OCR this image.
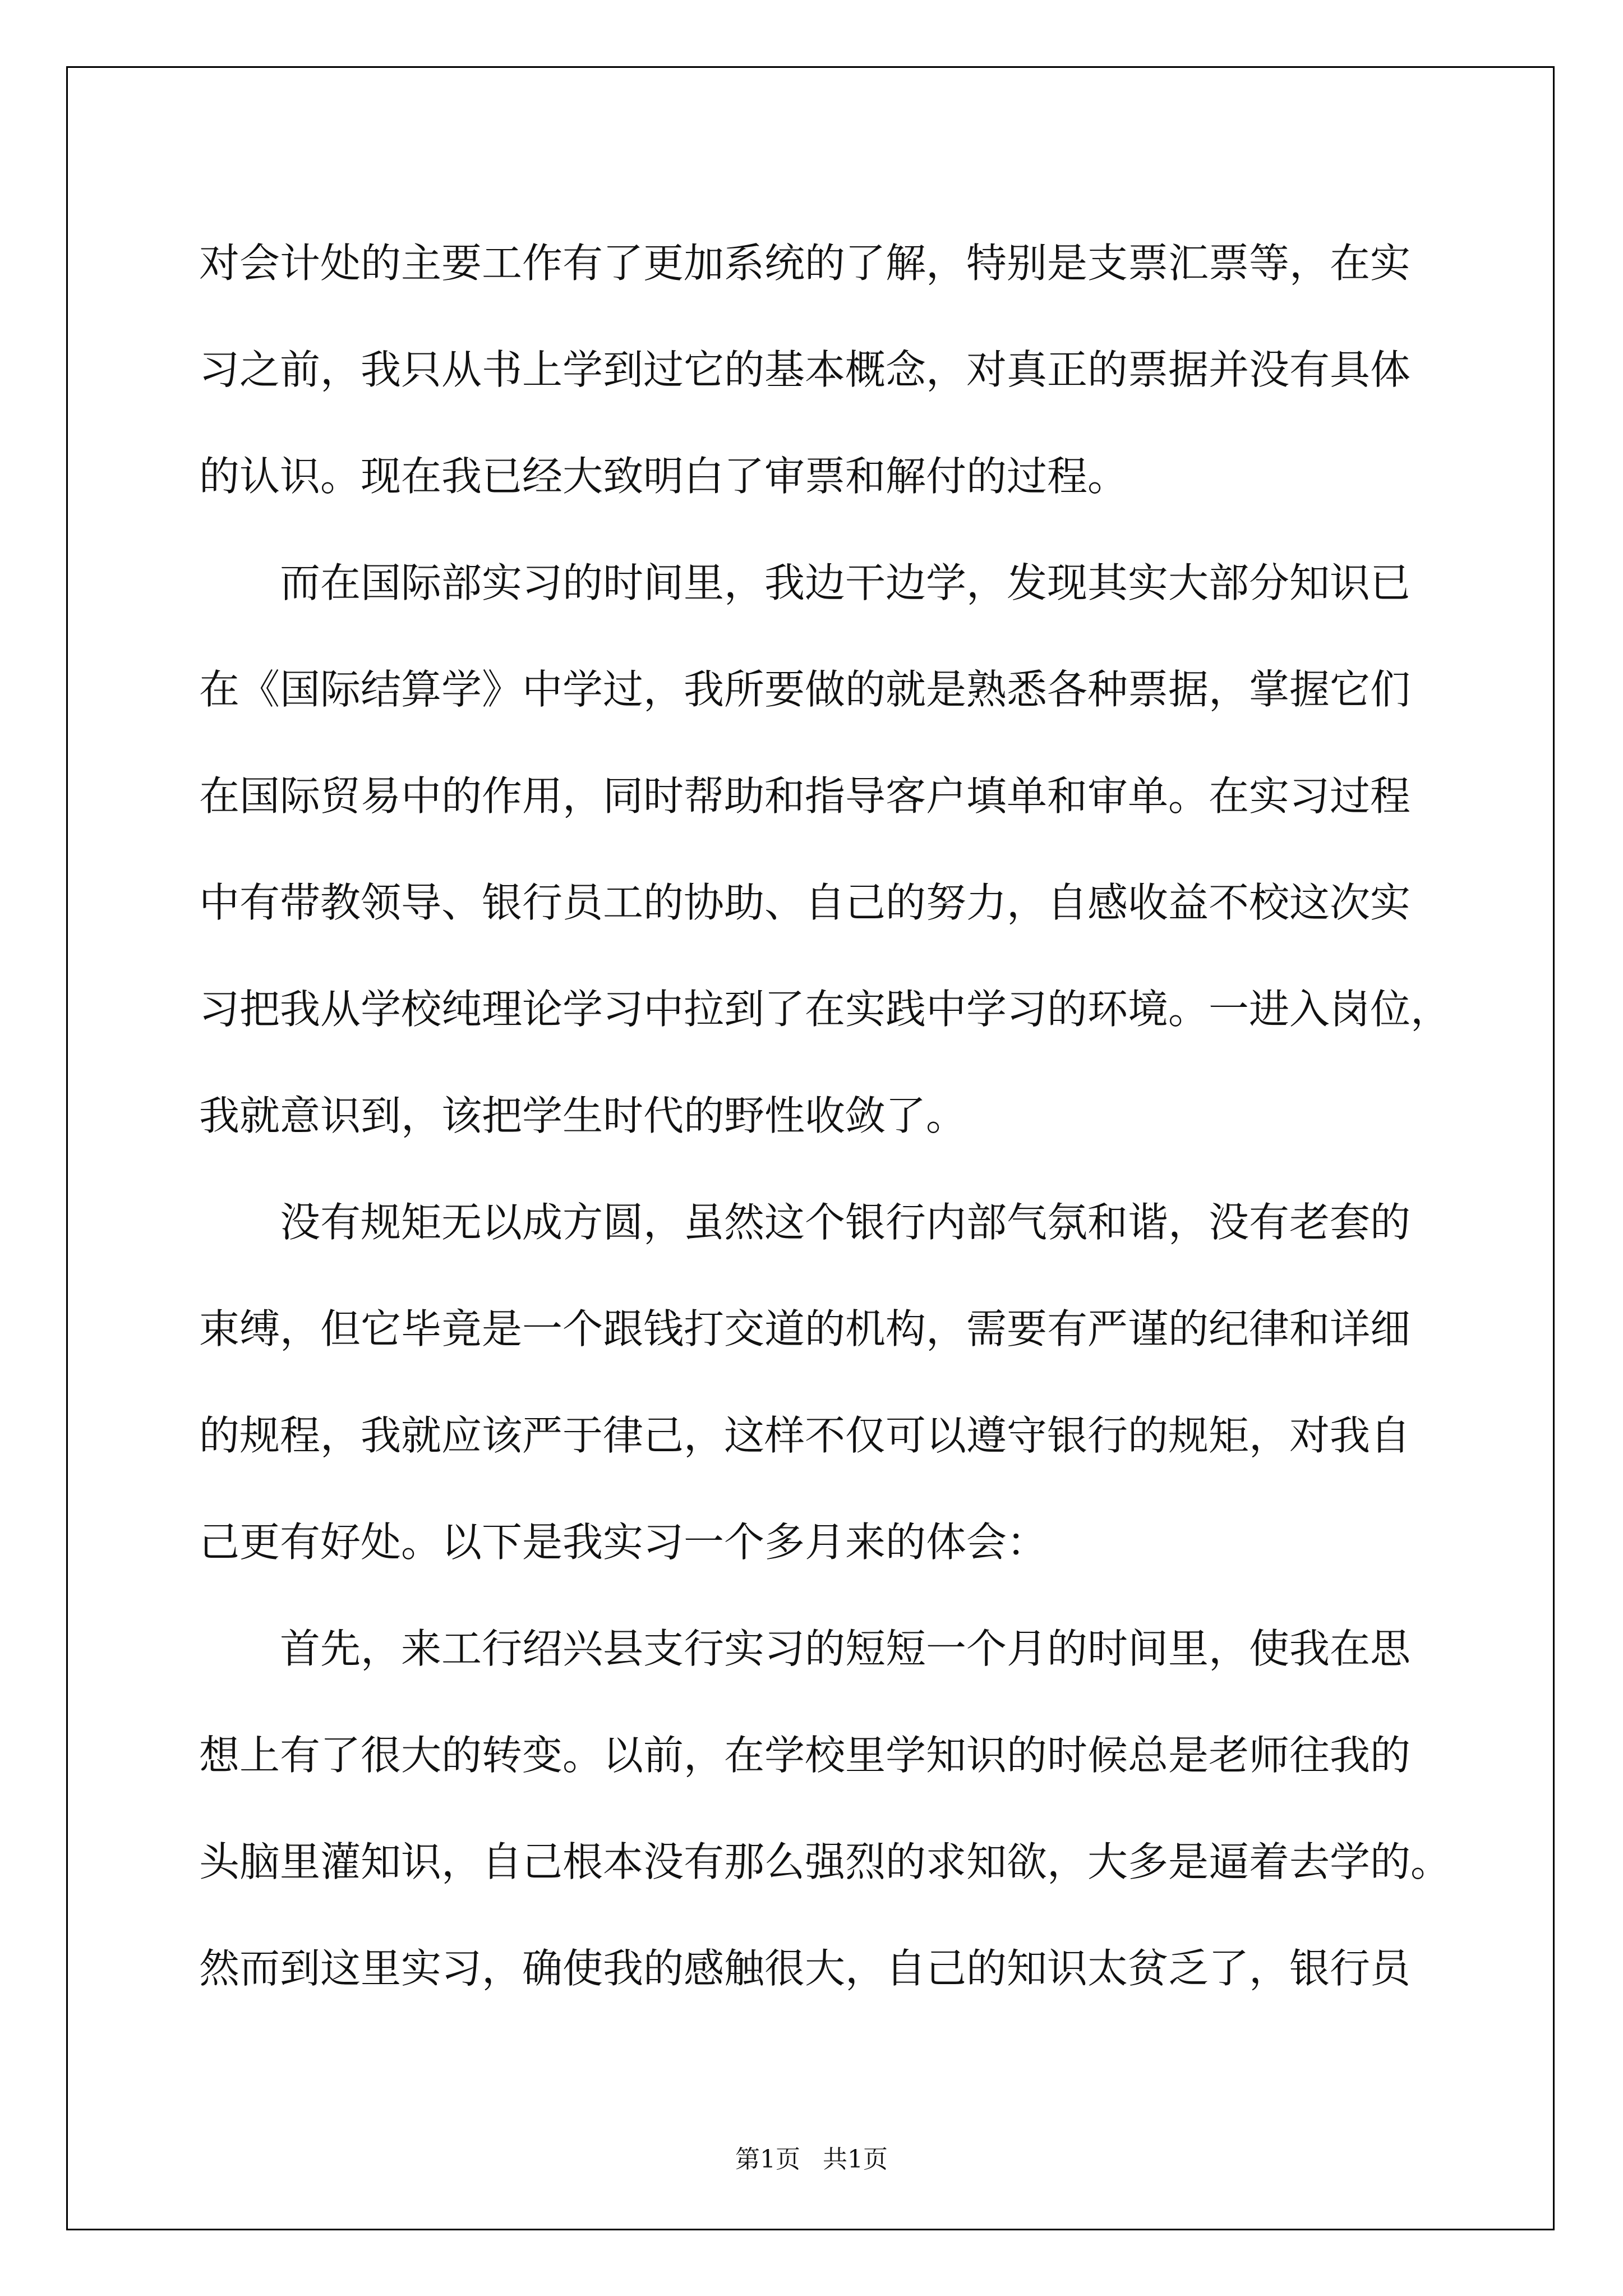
对会计处的主要工作有了更加系统的了解，特别是支票汇票等，在实
习之前，我只从书上学到过它的基本概念，对真正的票据并没有具体
的认识。现在我已经大致明白了审票和解付的过程。
而在国际部实习的时间里，我边干边学，发现其实大部分知识已
在《国际结算学》中学过，我所要做的就是熟悉各种票据，掌握它们
在国际贸易中的作用，同时帮助和指导客户填单和审单。在实习过程
中有带教领导、银行员工的协助、自己的努力，自感收益不校这次实
习把我从学校纯理论学习中拉到了在实践中学习的环境。一进入岗位，
我就意识到，该把学生时代的野性收敛了。
没有规矩无以成方圆，虽然这个银行内部气氛和谐，没有老套的
束缚，但它毕竟是一个跟钱打交道的机构，需要有严谨的纪律和详细
的规程，我就应该严于律己，这样不仅可以遵守银行的规矩，对我自
己更有好处。以下是我实习一个多月来的体会：
首先，来工行绍兴县支行实习的短短一个月的时间里，使我在思
想上有了很大的转变。以前，在学校里学知识的时候总是老师往我的
头脑里灌知识，自己根本没有那么强烈的求知欲，大多是逼着去学的。
然而到这里实习，确使我的感触很大，自己的知识太贫乏了，银行员
第1页 共1页
